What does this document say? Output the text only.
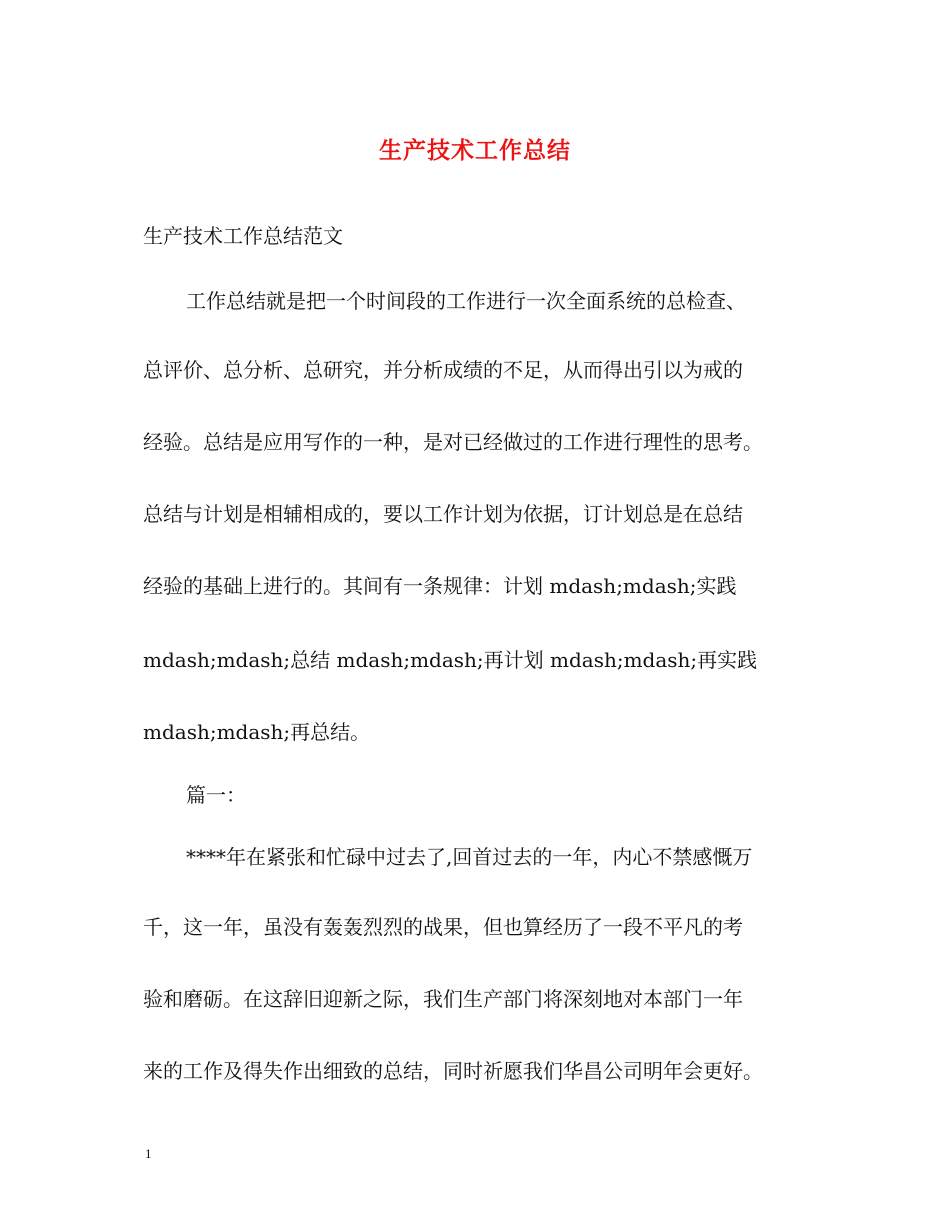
生产技术工作总结
生产技术工作总结范文
工作总结就是把一个时间段的工作进行一次全面系统的总检查、
总评价、总分析、总研究，并分析成绩的不足，从而得出引以为戒的
经验。总结是应用写作的一种，是对已经做过的工作进行理性的思考。
总结与计划是相辅相成的，要以工作计划为依据，订计划总是在总结
经验的基础上进行的。其间有一条规律：计划 mdash;mdash;实践
mdash;mdash;总结 mdash;mdash;再计划 mdash;mdash;再实践
mdash;mdash;再总结。
篇一：
****年在紧张和忙碌中过去了,回首过去的一年，内心不禁感慨万
千，这一年，虽没有轰轰烈烈的战果，但也算经历了一段不平凡的考
验和磨砺。在这辞旧迎新之际，我们生产部门将深刻地对本部门一年
来的工作及得失作出细致的总结，同时祈愿我们华昌公司明年会更好。
1
